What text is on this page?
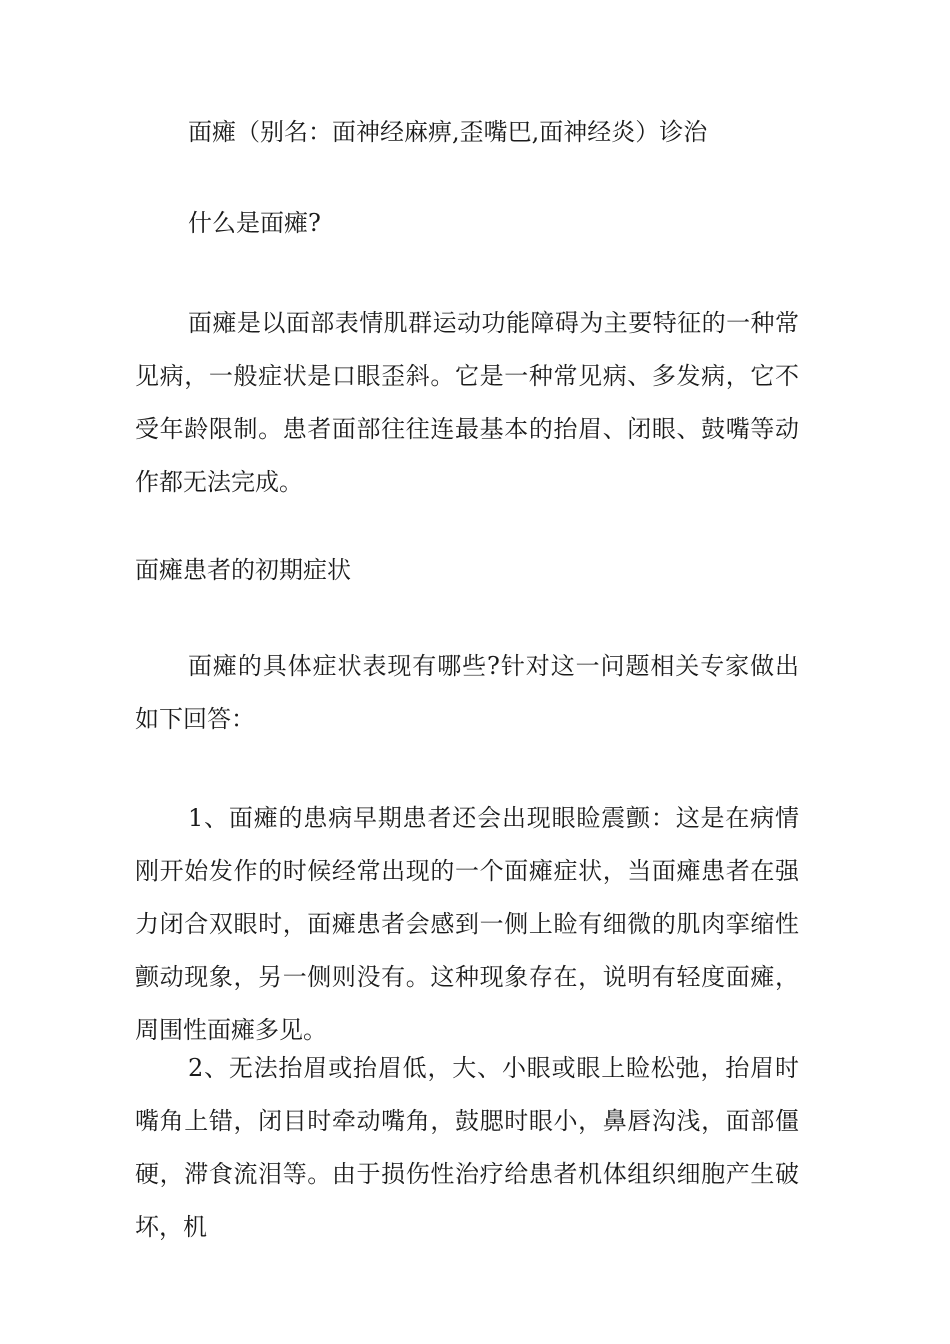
面瘫（别名：面神经麻痹,歪嘴巴,面神经炎）诊治
什么是面瘫?
面瘫是以面部表情肌群运动功能障碍为主要特征的一种常见病，一般症状是口眼歪斜。它是一种常见病、多发病，它不受年龄限制。患者面部往往连最基本的抬眉、闭眼、鼓嘴等动作都无法完成。
面瘫患者的初期症状
面瘫的具体症状表现有哪些?针对这一问题相关专家做出如下回答：
1、面瘫的患病早期患者还会出现眼睑震颤：这是在病情刚开始发作的时候经常出现的一个面瘫症状，当面瘫患者在强力闭合双眼时，面瘫患者会感到一侧上睑有细微的肌肉挛缩性颤动现象，另一侧则没有。这种现象存在，说明有轻度面瘫，周围性面瘫多见。
2、无法抬眉或抬眉低，大、小眼或眼上睑松弛，抬眉时嘴角上错，闭目时牵动嘴角，鼓腮时眼小，鼻唇沟浅，面部僵硬，滞食流泪等。由于损伤性治疗给患者机体组织细胞产生破坏，机
